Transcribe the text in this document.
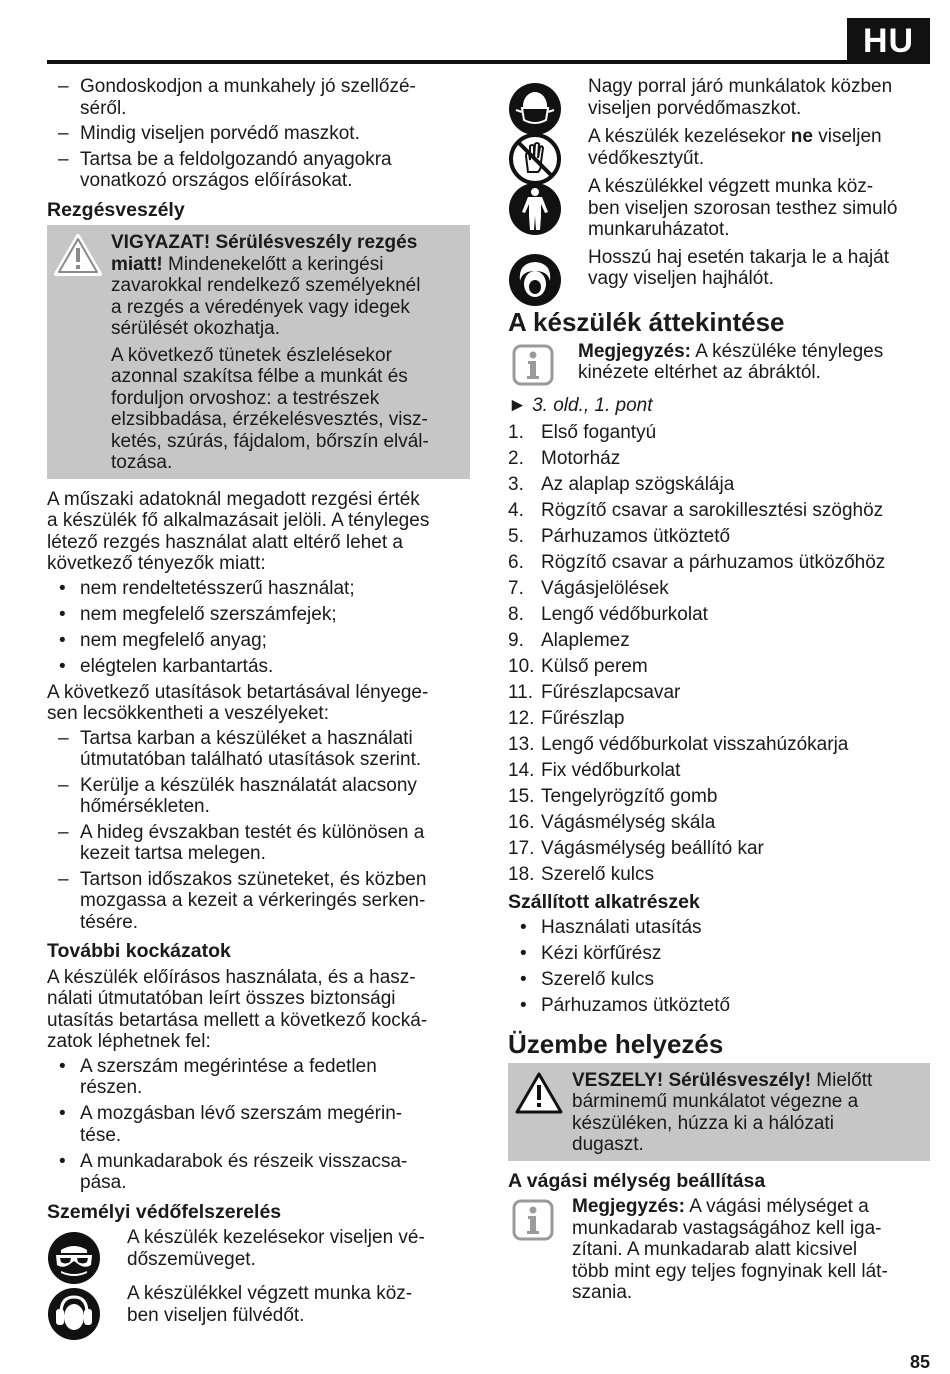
HU
– Gondoskodjon a munkahely jó szellőzé-
séről.
– Mindig viseljen porvédő maszkot.
– Tartsa be a feldolgozandó anyagokra
vonatkozó országos előírásokat.
Rezgésveszély
VIGYAZAT! Sérülésveszély rezgés
miatt! Mindenekelőtt a keringési
zavarokkal rendelkező személyeknél
a rezgés a véredények vagy idegek
sérülését okozhatja.
A következő tünetek észlelésekor
azonnal szakítsa félbe a munkát és
forduljon orvoshoz: a testrészek
elzsibbadása, érzékelésvesztés, visz-
ketés, szúrás, fájdalom, bőrszín elvál-
tozása.
A műszaki adatoknál megadott rezgési érték
a készülék fő alkalmazásait jelöli. A tényleges
létező rezgés használat alatt eltérő lehet a
következő tényezők miatt:
• nem rendeltetésszerű használat;
• nem megfelelő szerszámfejek;
• nem megfelelő anyag;
• elégtelen karbantartás.
A következő utasítások betartásával lényege-
sen lecsökkentheti a veszélyeket:
– Tartsa karban a készüléket a használati
útmutatóban található utasítások szerint.
– Kerülje a készülék használatát alacsony
hőmérsékleten.
– A hideg évszakban testét és különösen a
kezeit tartsa melegen.
– Tartson időszakos szüneteket, és közben
mozgassa a kezeit a vérkeringés serken-
tésére.
További kockázatok
A készülék előírásos használata, és a hasz-
nálati útmutatóban leírt összes biztonsági
utasítás betartása mellett a következő kocká-
zatok léphetnek fel:
• A szerszám megérintése a fedetlen
részen.
• A mozgásban lévő szerszám megérin-
tése.
• A munkadarabok és részeik visszacsa-
pása.
Személyi védőfelszerelés
A készülék kezelésekor viseljen vé-
dőszemüveget.
A készülékkel végzett munka köz-
ben viseljen fülvédőt.
Nagy porral járó munkálatok közben
viseljen porvédőmaszkot.
A készülék kezelésekor ne viseljen
védőkesztyűt.
A készülékkel végzett munka köz-
ben viseljen szorosan testhez simuló
munkaruházatot.
Hosszú haj esetén takarja le a haját
vagy viseljen hajhálót.
A készülék áttekintése
Megjegyzés: A készüléke tényleges
kinézete eltérhet az ábráktól.
► 3. old., 1. pont
1. Első fogantyú
2. Motorház
3. Az alaplap szögskálája
4. Rögzítő csavar a sarokillesztési szöghöz
5. Párhuzamos ütköztető
6. Rögzítő csavar a párhuzamos ütközőhöz
7. Vágásjelölések
8. Lengő védőburkolat
9. Alaplemez
10. Külső perem
11. Fűrészlapcsavar
12. Fűrészlap
13. Lengő védőburkolat visszahúzókarja
14. Fix védőburkolat
15. Tengelyrögzítő gomb
16. Vágásmélység skála
17. Vágásmélység beállító kar
18. Szerelő kulcs
Szállított alkatrészek
• Használati utasítás
• Kézi körfűrész
• Szerelő kulcs
• Párhuzamos ütköztető
Üzembe helyezés
VESZELY! Sérülésveszély! Mielőtt
bárminemű munkálatot végezne a
készüléken, húzza ki a hálózati
dugaszt.
A vágási mélység beállítása
Megjegyzés: A vágási mélységet a
munkadarab vastagságához kell iga-
zítani. A munkadarab alatt kicsivel
több mint egy teljes fognyinak kell lát-
szania.
85
